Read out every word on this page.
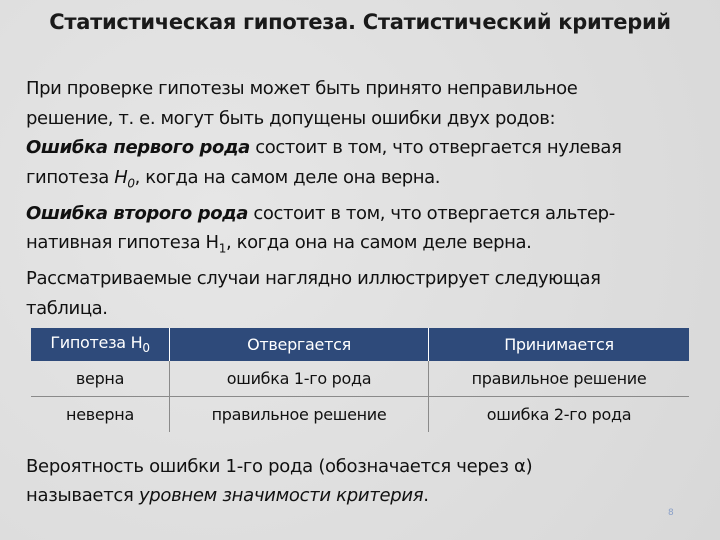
Статистическая гипотеза. Статистический критерий

При проверке гипотезы может быть принято неправильное

решение, т. е. могут быть допущены ошибки двух родов:

Ошибка первого рода состоит в том, что отвергается нулевая

гипотеза $H_0$, когда на самом деле она верна.

Ошибка второго рода состоит в том, что отвергается альтер-

нативная гипотеза $H_1$, когда она на самом деле верна.

Рассматриваемые случаи наглядно иллюстрирует следующая

таблица.

Гипотеза $H_0$	Отвергается	Принимается
верна	ошибка 1-го рода	правильное решение
неверна	правильное решение	ошибка 2-го рода

Вероятность ошибки 1-го рода (обозначается через α)

называется уровнем значимости критерия.

8
